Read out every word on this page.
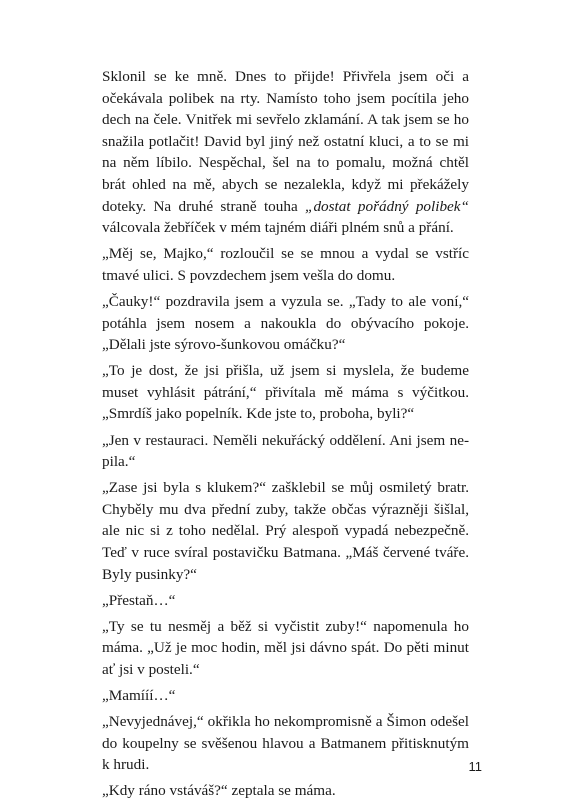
Sklonil se ke mně. Dnes to přijde! Přivřela jsem oči a očekávala polibek na rty. Namísto toho jsem pocítila jeho dech na čele. Vnitřek mi sevřelo zklamání. A tak jsem se ho snažila potlačit! David byl jiný než ostatní kluci, a to se mi na něm líbilo. Nespěchal, šel na to pomalu, možná chtěl brát ohled na mě, abych se nezalekla, když mi překážely doteky. Na druhé straně touha „dostat pořádný polibek“ válcovala žebříček v mém tajném diáři plném snů a přání.

„Měj se, Majko,“ rozloučil se se mnou a vydal se vstříc tmavé ulici. S povzdechem jsem vešla do domu.

„Čauky!“ pozdravila jsem a vyzula se. „Tady to ale voní,“ potáhla jsem nosem a nakoukla do obývacího pokoje. „Dělali jste sýrovo-šunkovou omáčku?“

„To je dost, že jsi přišla, už jsem si myslela, že budeme muset vyhlásit pátrání,“ přivítala mě máma s výčitkou. „Smrdíš jako popelník. Kde jste to, proboha, byli?“

„Jen v restauraci. Neměli nekuřácký oddělení. Ani jsem nepila.“

„Zase jsi byla s klukem?“ zašklebil se můj osmiletý bratr. Chyběly mu dva přední zuby, takže občas výrazněji šišlal, ale nic si z toho nedělal. Prý alespoň vypadá nebezpečně. Teď v ruce svíral postavičku Batmana. „Máš červené tváře. Byly pusinky?“

„Přestaň…“

„Ty se tu nesměj a běž si vyčistit zuby!“ napomenula ho máma. „Už je moc hodin, měl jsi dávno spát. Do pěti minut ať jsi v posteli.“

„Mamííí…“

„Nevyjednávej,“ okřikla ho nekompromisně a Šimon odešel do koupelny se svěšenou hlavou a Batmanem přitisknutým k hrudi.

„Kdy ráno vstáváš?“ zeptala se máma.

11
